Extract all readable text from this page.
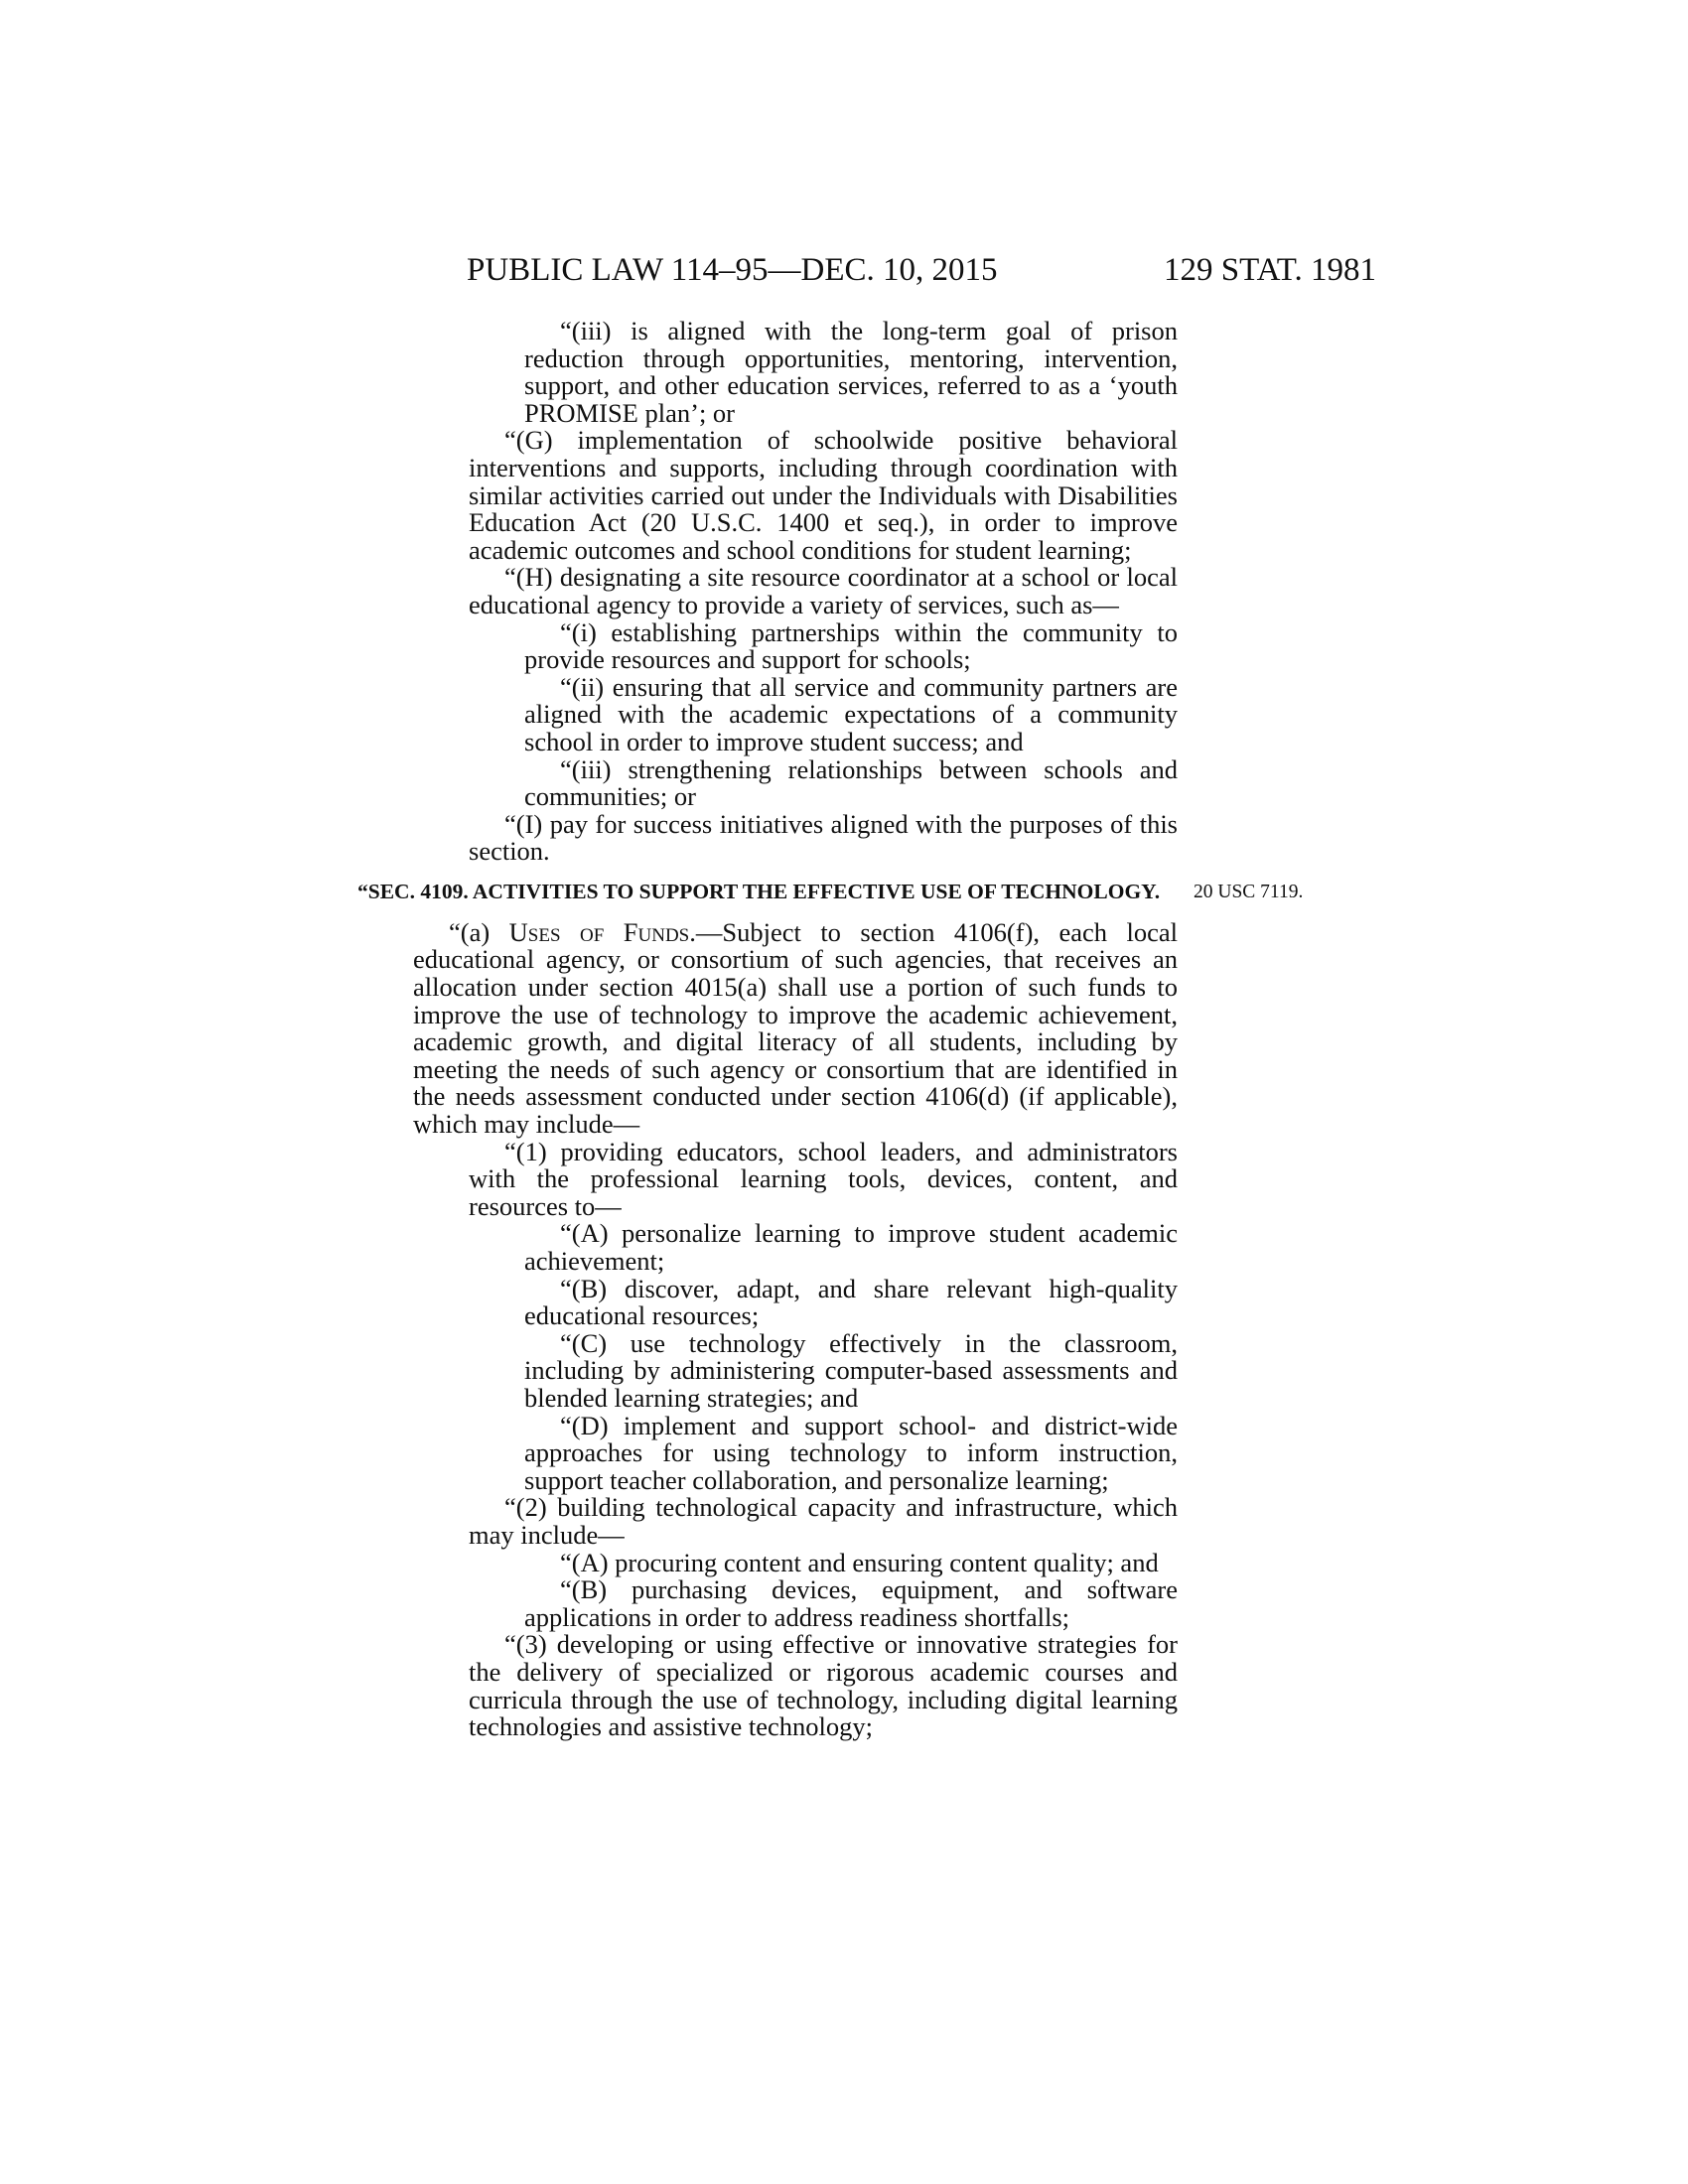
PUBLIC LAW 114–95—DEC. 10, 2015	129 STAT. 1981

“(iii) is aligned with the long-term goal of prison reduction through opportunities, mentoring, intervention, support, and other education services, referred to as a ‘youth PROMISE plan’; or

“(G) implementation of schoolwide positive behavioral interventions and supports, including through coordination with similar activities carried out under the Individuals with Disabilities Education Act (20 U.S.C. 1400 et seq.), in order to improve academic outcomes and school conditions for student learning;

“(H) designating a site resource coordinator at a school or local educational agency to provide a variety of services, such as—

“(i) establishing partnerships within the community to provide resources and support for schools;

“(ii) ensuring that all service and community partners are aligned with the academic expectations of a community school in order to improve student success; and

“(iii) strengthening relationships between schools and communities; or

“(I) pay for success initiatives aligned with the purposes of this section.

“SEC. 4109. ACTIVITIES TO SUPPORT THE EFFECTIVE USE OF TECHNOLOGY.	20 USC 7119.

“(a) Uses of Funds.—Subject to section 4106(f), each local educational agency, or consortium of such agencies, that receives an allocation under section 4015(a) shall use a portion of such funds to improve the use of technology to improve the academic achievement, academic growth, and digital literacy of all students, including by meeting the needs of such agency or consortium that are identified in the needs assessment conducted under section 4106(d) (if applicable), which may include—

“(1) providing educators, school leaders, and administrators with the professional learning tools, devices, content, and resources to—

“(A) personalize learning to improve student academic achievement;

“(B) discover, adapt, and share relevant high-quality educational resources;

“(C) use technology effectively in the classroom, including by administering computer-based assessments and blended learning strategies; and

“(D) implement and support school- and district-wide approaches for using technology to inform instruction, support teacher collaboration, and personalize learning;

“(2) building technological capacity and infrastructure, which may include—

“(A) procuring content and ensuring content quality; and

“(B) purchasing devices, equipment, and software applications in order to address readiness shortfalls;

“(3) developing or using effective or innovative strategies for the delivery of specialized or rigorous academic courses and curricula through the use of technology, including digital learning technologies and assistive technology;
